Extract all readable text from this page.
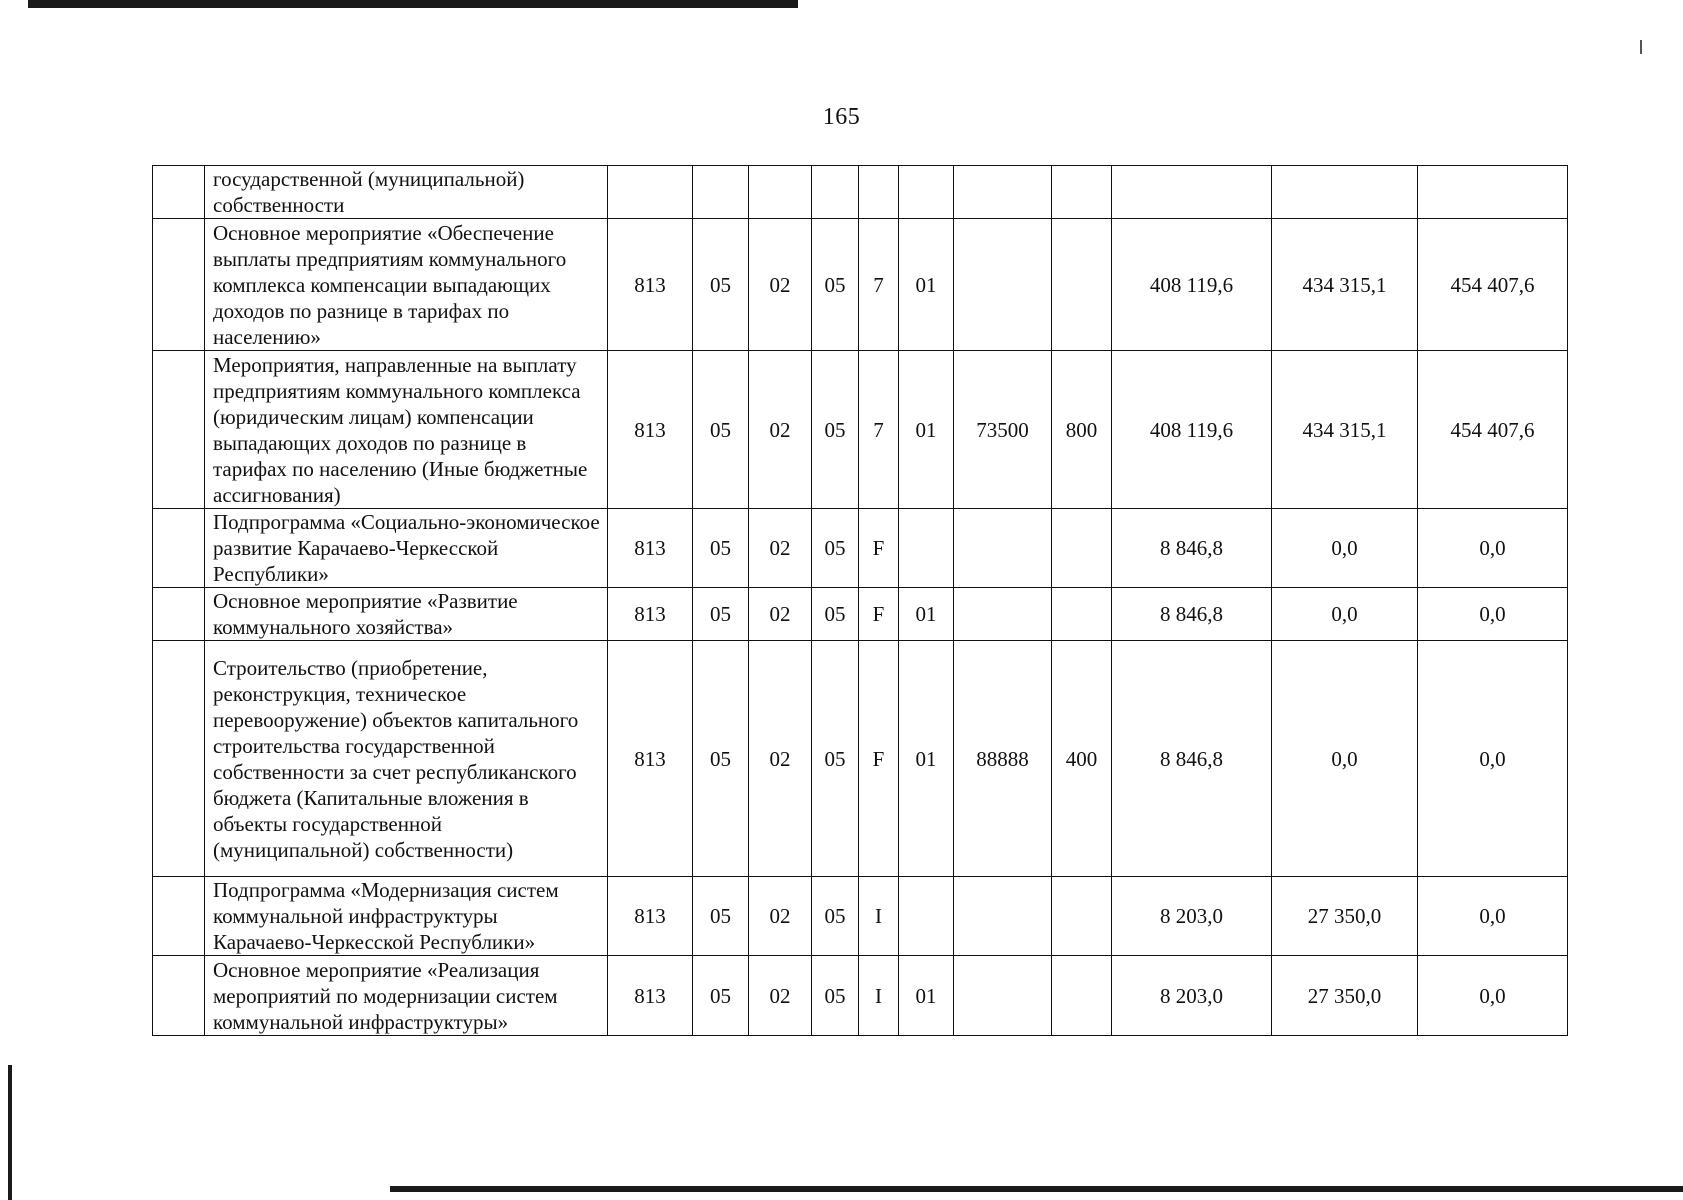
165
	государственной (муниципальной) собственности											
	Основное мероприятие «Обеспечение выплаты предприятиям коммунального комплекса компенсации выпадающих доходов по разнице в тарифах по населению»	813	05	02	05	7	01			408 119,6	434 315,1	454 407,6
	Мероприятия, направленные на выплату предприятиям коммунального комплекса (юридическим лицам) компенсации выпадающих доходов по разнице в тарифах по населению (Иные бюджетные ассигнования)	813	05	02	05	7	01	73500	800	408 119,6	434 315,1	454 407,6
	Подпрограмма «Социально-экономическое развитие Карачаево-Черкесской Республики»	813	05	02	05	F				8 846,8	0,0	0,0
	Основное мероприятие «Развитие коммунального хозяйства»	813	05	02	05	F	01			8 846,8	0,0	0,0
	Строительство (приобретение, реконструкция, техническое перевооружение) объектов капитального строительства государственной собственности за счет республиканского бюджета (Капитальные вложения в объекты государственной (муниципальной) собственности)	813	05	02	05	F	01	88888	400	8 846,8	0,0	0,0
	Подпрограмма «Модернизация систем коммунальной инфраструктуры Карачаево-Черкесской Республики»	813	05	02	05	I				8 203,0	27 350,0	0,0
	Основное мероприятие «Реализация мероприятий по модернизации систем коммунальной инфраструктуры»	813	05	02	05	I	01			8 203,0	27 350,0	0,0
